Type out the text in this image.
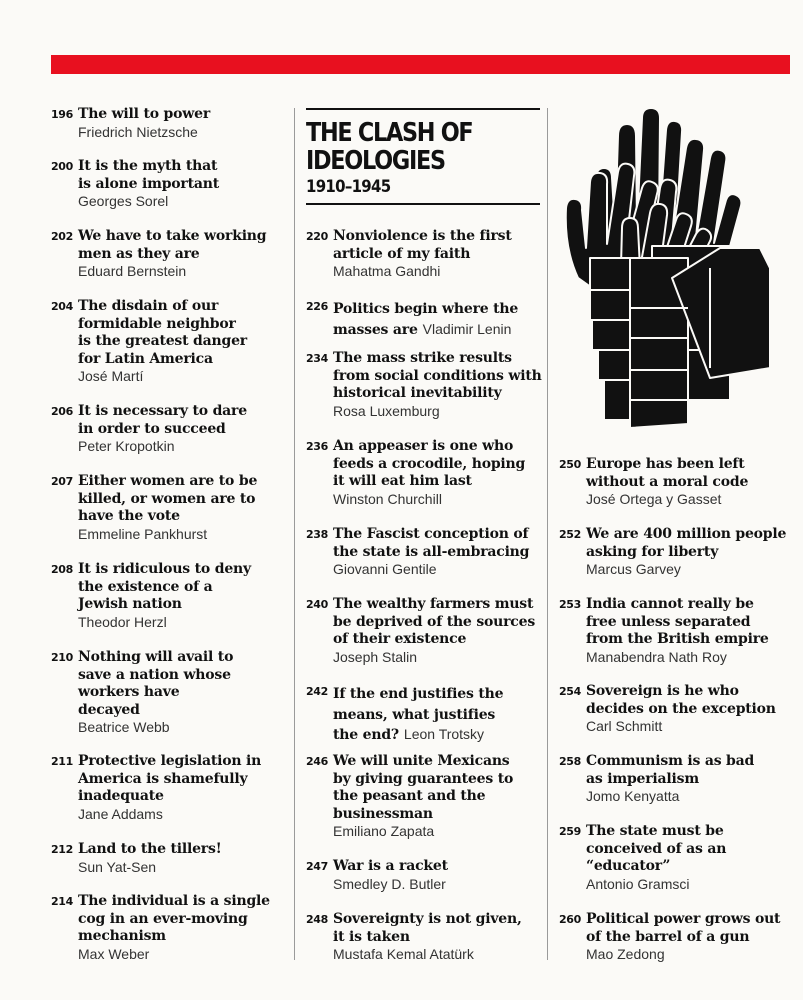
THE CLASH OF
IDEOLOGIES
1910–1945
196 The will to power
Friedrich Nietzsche
200 It is the myth that
is alone important
Georges Sorel
202 We have to take working
men as they are
Eduard Bernstein
204 The disdain of our
formidable neighbor
is the greatest danger
for Latin America
José Martí
206 It is necessary to dare
in order to succeed
Peter Kropotkin
207 Either women are to be
killed, or women are to
have the vote
Emmeline Pankhurst
208 It is ridiculous to deny
the existence of a
Jewish nation
Theodor Herzl
210 Nothing will avail to
save a nation whose
workers have
decayed
Beatrice Webb
211 Protective legislation in
America is shamefully
inadequate
Jane Addams
212 Land to the tillers!
Sun Yat-Sen
214 The individual is a single
cog in an ever-moving
mechanism
Max Weber
220 Nonviolence is the first
article of my faith
Mahatma Gandhi
226 Politics begin where the
masses are Vladimir Lenin
234 The mass strike results
from social conditions with
historical inevitability
Rosa Luxemburg
236 An appeaser is one who
feeds a crocodile, hoping
it will eat him last
Winston Churchill
238 The Fascist conception of
the state is all-embracing
Giovanni Gentile
240 The wealthy farmers must
be deprived of the sources
of their existence
Joseph Stalin
242 If the end justifies the
means, what justifies
the end? Leon Trotsky
246 We will unite Mexicans
by giving guarantees to
the peasant and the
businessman
Emiliano Zapata
247 War is a racket
Smedley D. Butler
248 Sovereignty is not given,
it is taken
Mustafa Kemal Atatürk
250 Europe has been left
without a moral code
José Ortega y Gasset
252 We are 400 million people
asking for liberty
Marcus Garvey
253 India cannot really be
free unless separated
from the British empire
Manabendra Nath Roy
254 Sovereign is he who
decides on the exception
Carl Schmitt
258 Communism is as bad
as imperialism
Jomo Kenyatta
259 The state must be
conceived of as an
“educator”
Antonio Gramsci
260 Political power grows out
of the barrel of a gun
Mao Zedong
